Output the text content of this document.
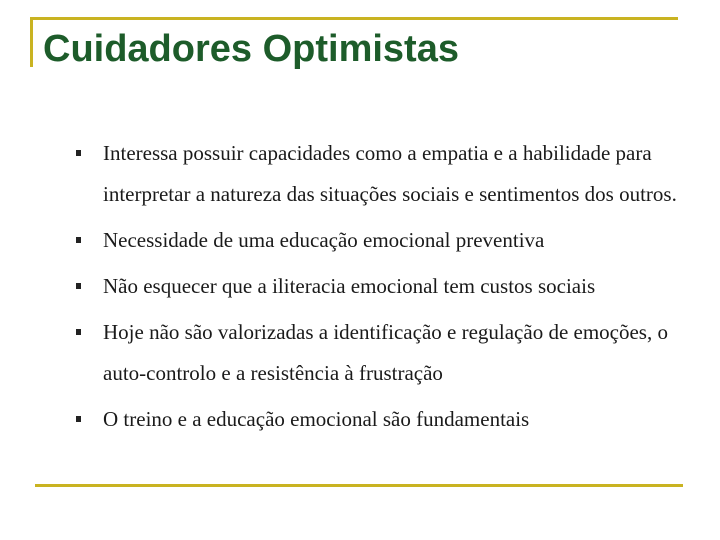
Cuidadores Optimistas
Interessa possuir capacidades como a empatia e a habilidade para interpretar a natureza das situações sociais e sentimentos dos outros.
Necessidade de uma educação emocional preventiva
Não esquecer que a iliteracia emocional tem custos sociais
Hoje não são valorizadas a identificação e regulação de emoções, o auto-controlo e a resistência à frustração
O treino e a educação emocional são fundamentais
